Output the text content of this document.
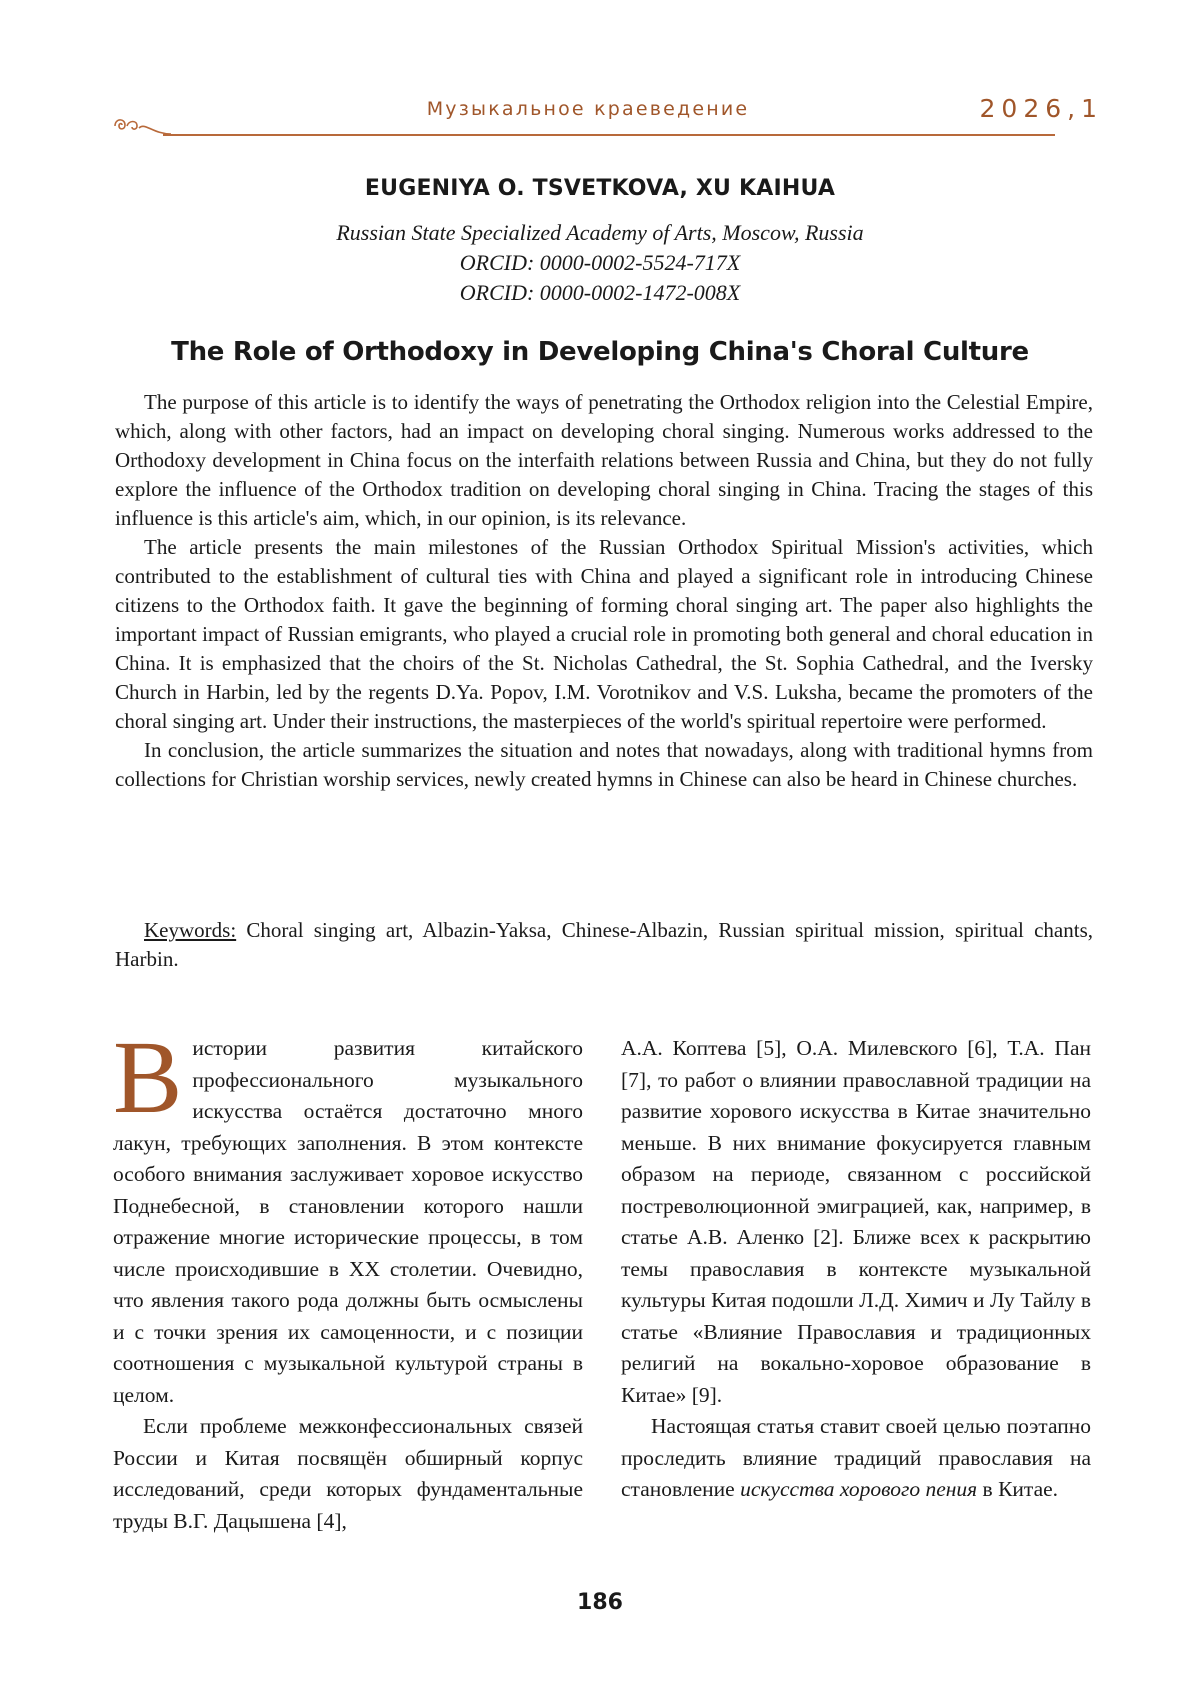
Музыкальное краеведение	2026,1
EUGENIYA O. TSVETKOVA, XU KAIHUA
Russian State Specialized Academy of Arts, Moscow, Russia
ORCID: 0000-0002-5524-717X
ORCID: 0000-0002-1472-008X
The Role of Orthodoxy in Developing China's Choral Culture

The purpose of this article is to identify the ways of penetrating the Orthodox religion into the Celestial Empire, which, along with other factors, had an impact on developing choral singing. Numerous works addressed to the Orthodoxy development in China focus on the interfaith relations between Russia and China, but they do not fully explore the influence of the Orthodox tradition on developing choral singing in China. Tracing the stages of this influence is this article's aim, which, in our opinion, is its relevance.

The article presents the main milestones of the Russian Orthodox Spiritual Mission's activities, which contributed to the establishment of cultural ties with China and played a significant role in introducing Chinese citizens to the Orthodox faith. It gave the beginning of forming choral singing art. The paper also highlights the important impact of Russian emigrants, who played a crucial role in promoting both general and choral education in China. It is emphasized that the choirs of the St. Nicholas Cathedral, the St. Sophia Cathedral, and the Iversky Church in Harbin, led by the regents D.Ya. Popov, I.M. Vorotnikov and V.S. Luksha, became the promoters of the choral singing art. Under their instructions, the masterpieces of the world's spiritual repertoire were performed.

In conclusion, the article summarizes the situation and notes that nowadays, along with traditional hymns from collections for Christian worship services, newly created hymns in Chinese can also be heard in Chinese churches.

Keywords: Choral singing art, Albazin-Yaksa, Chinese-Albazin, Russian spiritual mission, spiritual chants, Harbin.

В истории развития китайского профессионального музыкального искусства остаётся достаточно много лакун, требующих заполнения. В этом контексте особого внимания заслуживает хоровое искусство Поднебесной, в становлении которого нашли отражение многие исторические процессы, в том числе происходившие в XX столетии. Очевидно, что явления такого рода должны быть осмыслены и с точки зрения их самоценности, и с позиции соотношения с музыкальной культурой страны в целом.

Если проблеме межконфессиональных связей России и Китая посвящён обширный корпус исследований, среди которых фундаментальные труды В.Г. Дацышена [4],

А.А. Коптева [5], О.А. Милевского [6], Т.А. Пан [7], то работ о влиянии православной традиции на развитие хорового искусства в Китае значительно меньше. В них внимание фокусируется главным образом на периоде, связанном с российской постреволюционной эмиграцией, как, например, в статье А.В. Аленко [2]. Ближе всех к раскрытию темы православия в контексте музыкальной культуры Китая подошли Л.Д. Химич и Лу Тайлу в статье «Влияние Православия и традиционных религий на вокально-хоровое образование в Китае» [9].

Настоящая статья ставит своей целью поэтапно проследить влияние традиций православия на становление искусства хорового пения в Китае.

186
